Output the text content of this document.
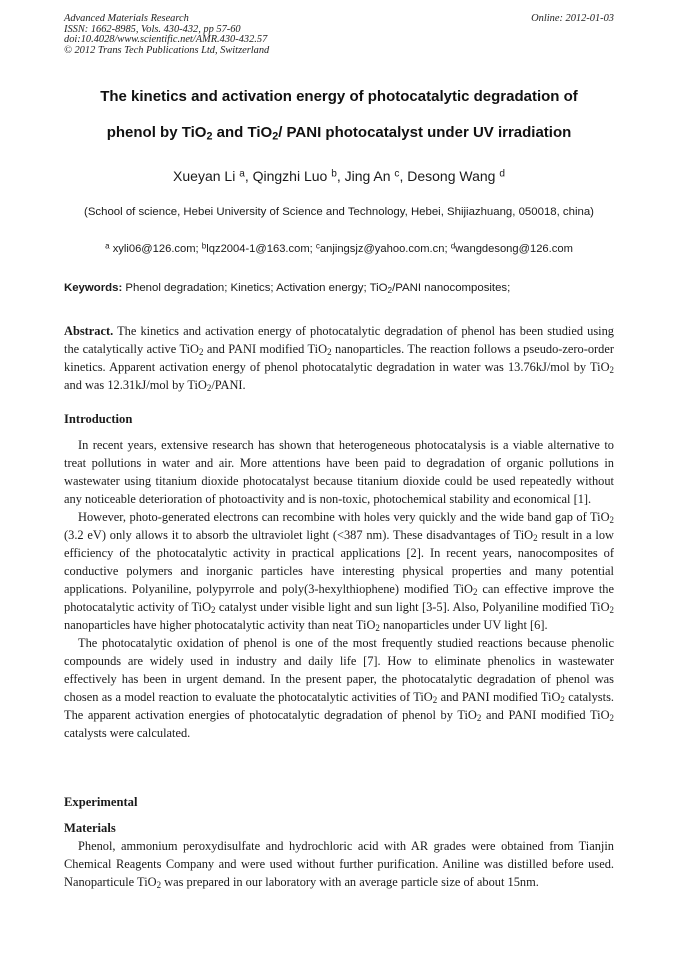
Advanced Materials Research
ISSN: 1662-8985, Vols. 430-432, pp 57-60
doi:10.4028/www.scientific.net/AMR.430-432.57
© 2012 Trans Tech Publications Ltd, Switzerland
Online: 2012-01-03
The kinetics and activation energy of photocatalytic degradation of
phenol by TiO$_2$ and TiO$_2$/ PANI photocatalyst under UV irradiation
Xueyan Li $^a$, Qingzhi Luo $^b$, Jing An $^c$, Desong Wang $^d$
(School of science, Hebei University of Science and Technology, Hebei, Shijiazhuang, 050018, china)
$^a$ xyli06@126.com; $^b$lqz2004-1@163.com; $^c$anjingsjz@yahoo.com.cn; $^d$wangdesong@126.com
Keywords: Phenol degradation; Kinetics; Activation energy; TiO$_2$/PANI nanocomposites;

Abstract. The kinetics and activation energy of photocatalytic degradation of phenol has been studied using the catalytically active TiO$_2$ and PANI modified TiO$_2$ nanoparticles. The reaction follows a pseudo-zero-order kinetics. Apparent activation energy of phenol photocatalytic degradation in water was 13.76kJ/mol by TiO$_2$ and was 12.31kJ/mol by TiO$_2$/PANI.

Introduction

In recent years, extensive research has shown that heterogeneous photocatalysis is a viable alternative to treat pollutions in water and air. More attentions have been paid to degradation of organic pollutions in wastewater using titanium dioxide photocatalyst because titanium dioxide could be used repeatedly without any noticeable deterioration of photoactivity and is non-toxic, photochemical stability and economical [1].

However, photo-generated electrons can recombine with holes very quickly and the wide band gap of TiO$_2$ (3.2 eV) only allows it to absorb the ultraviolet light (<387 nm). These disadvantages of TiO$_2$ result in a low efficiency of the photocatalytic activity in practical applications [2]. In recent years, nanocomposites of conductive polymers and inorganic particles have interesting physical properties and many potential applications. Polyaniline, polypyrrole and poly(3-hexylthiophene) modified TiO$_2$ can effective improve the photocatalytic activity of TiO$_2$ catalyst under visible light and sun light [3-5]. Also, Polyaniline modified TiO$_2$ nanoparticles have higher photocatalytic activity than neat TiO$_2$ nanoparticles under UV light [6].

The photocatalytic oxidation of phenol is one of the most frequently studied reactions because phenolic compounds are widely used in industry and daily life [7]. How to eliminate phenolics in wastewater effectively has been in urgent demand. In the present paper, the photocatalytic degradation of phenol was chosen as a model reaction to evaluate the photocatalytic activities of TiO$_2$ and PANI modified TiO$_2$ catalysts. The apparent activation energies of photocatalytic degradation of phenol by TiO$_2$ and PANI modified TiO$_2$ catalysts were calculated.

Experimental
Materials

Phenol, ammonium peroxydisulfate and hydrochloric acid with AR grades were obtained from Tianjin Chemical Reagents Company and were used without further purification. Aniline was distilled before used. Nanoparticule TiO$_2$ was prepared in our laboratory with an average particle size of about 15nm.
